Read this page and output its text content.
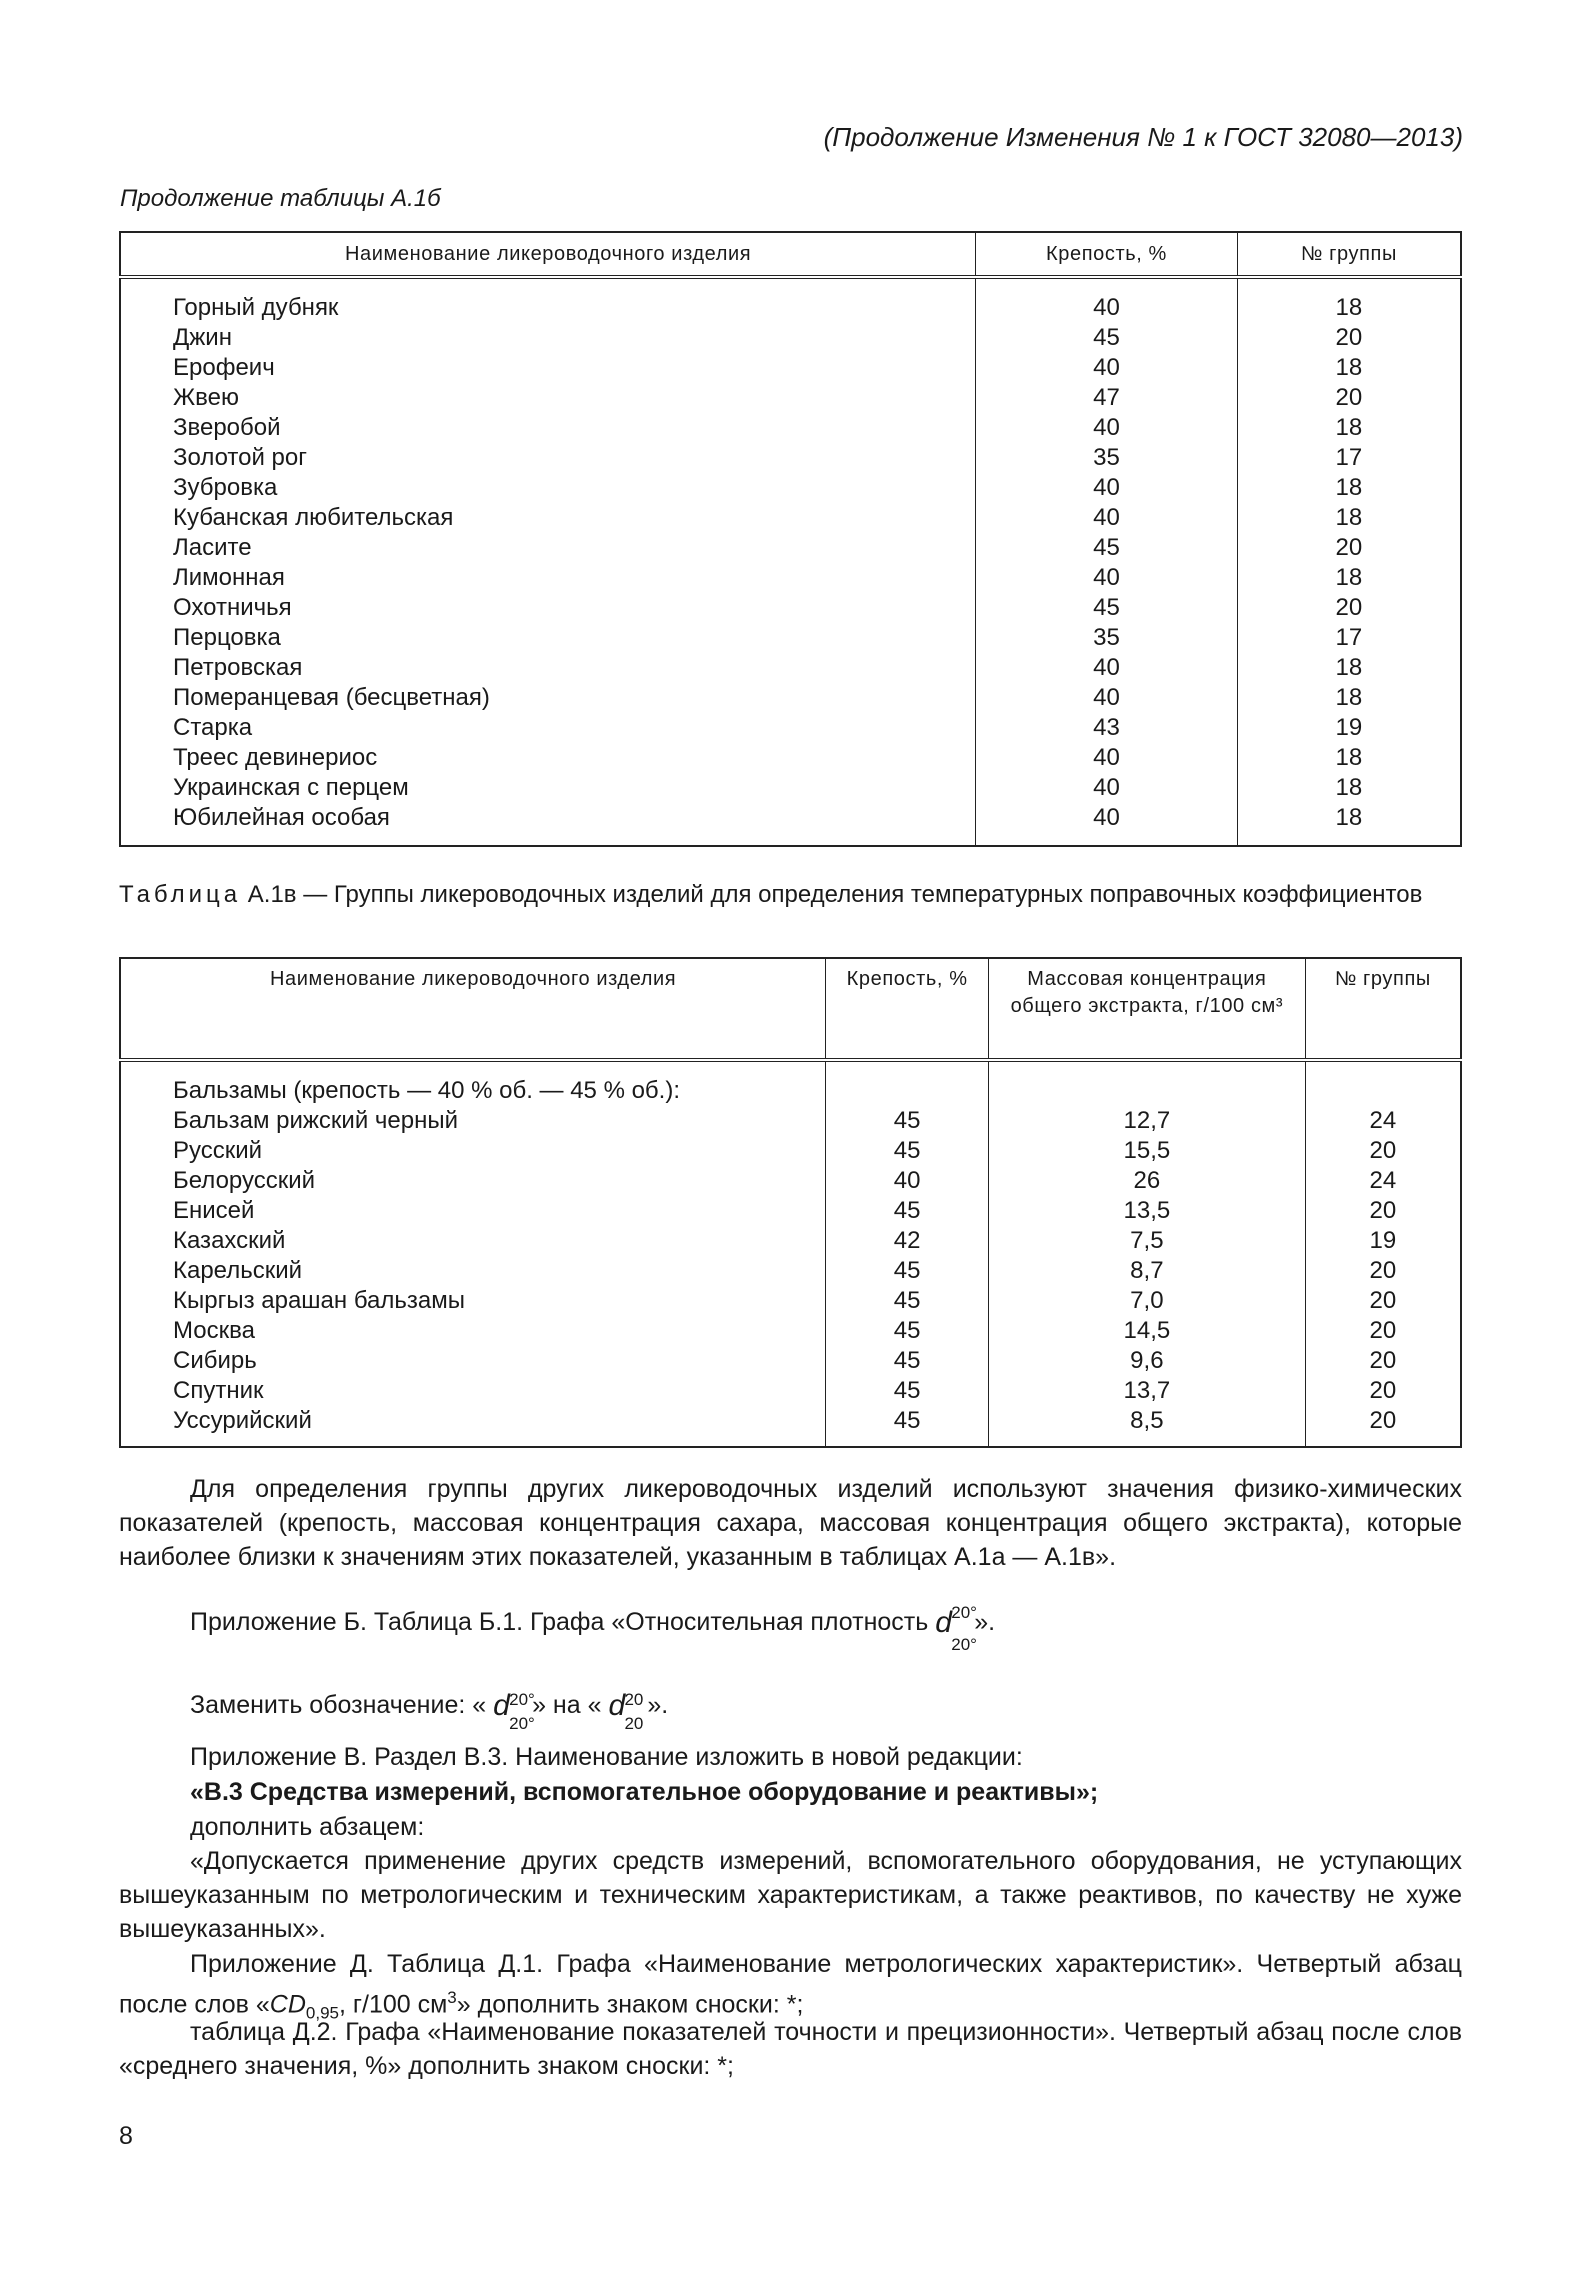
(Продолжение Изменения № 1 к ГОСТ 32080—2013)
Продолжение таблицы А.1б
Наименование ликероводочного изделия	Крепость, %	№ группы
Горный дубняк	40	18
Джин	45	20
Ерофеич	40	18
Жвею	47	20
Зверобой	40	18
Золотой рог	35	17
Зубровка	40	18
Кубанская любительская	40	18
Ласите	45	20
Лимонная	40	18
Охотничья	45	20
Перцовка	35	17
Петровская	40	18
Померанцевая (бесцветная)	40	18
Старка	43	19
Треес девинериос	40	18
Украинская с перцем	40	18
Юбилейная особая	40	18
Таблица А.1в — Группы ликероводочных изделий для определения температурных поправочных коэффициентов
Наименование ликероводочного изделия	Крепость, %	Массовая концентрация общего экстракта, г/100 см³	№ группы
Бальзамы (крепость — 40 % об. — 45 % об.):			
Бальзам рижский черный	45	12,7	24
Русский	45	15,5	20
Белорусский	40	26	24
Енисей	45	13,5	20
Казахский	42	7,5	19
Карельский	45	8,7	20
Кыргыз арашан бальзамы	45	7,0	20
Москва	45	14,5	20
Сибирь	45	9,6	20
Спутник	45	13,7	20
Уссурийский	45	8,5	20
Для определения группы других ликероводочных изделий используют значения физико-химических показателей (крепость, массовая концентрация сахара, массовая концентрация общего экстракта), которые наиболее близки к значениям этих показателей, указанным в таблицах А.1а — А.1в».
Приложение Б. Таблица Б.1. Графа «Относительная плотность d 20°
20°
».
Заменить обозначение: « d 20°
20°
» на « d 20
20
».
Приложение В. Раздел В.3. Наименование изложить в новой редакции:
«В.3 Средства измерений, вспомогательное оборудование и реактивы»;
дополнить абзацем:
«Допускается применение других средств измерений, вспомогательного оборудования, не уступающих вышеуказанным по метрологическим и техническим характеристикам, а также реактивов, по качеству не хуже вышеуказанных».
Приложение Д. Таблица Д.1. Графа «Наименование метрологических характеристик». Четвертый абзац после слов «$CD_{0,95}$, г/100 $см^3$» дополнить знаком сноски: *;
таблица Д.2. Графа «Наименование показателей точности и прецизионности». Четвертый абзац после слов «среднего значения, %» дополнить знаком сноски: *;
8
